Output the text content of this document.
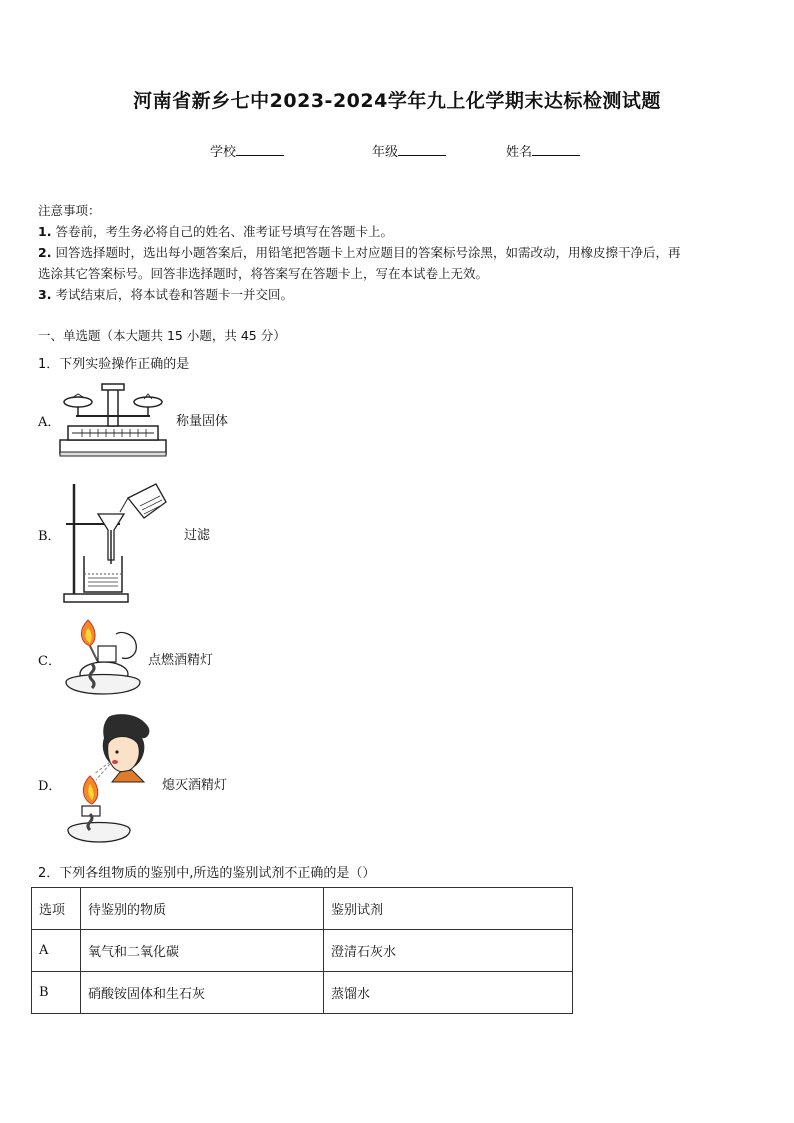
河南省新乡七中2023-2024学年九上化学期末达标检测试题
学校	年级	姓名
注意事项：
1. 答卷前，考生务必将自己的姓名、准考证号填写在答题卡上。
2. 回答选择题时，选出每小题答案后，用铅笔把答题卡上对应题目的答案标号涂黑，如需改动，用橡皮擦干净后，再
选涂其它答案标号。回答非选择题时，将答案写在答题卡上，写在本试卷上无效。
3. 考试结束后，将本试卷和答题卡一并交回。
一、单选题（本大题共 15 小题，共 45 分）
1．下列实验操作正确的是
A．	称量固体
B．	过滤
C．	点燃酒精灯
D．	熄灭酒精灯
2．下列各组物质的鉴别中,所选的鉴别试剂不正确的是（）
选项	待鉴别的物质	鉴别试剂
A	氧气和二氧化碳	澄清石灰水
B	硝酸铵固体和生石灰	蒸馏水
